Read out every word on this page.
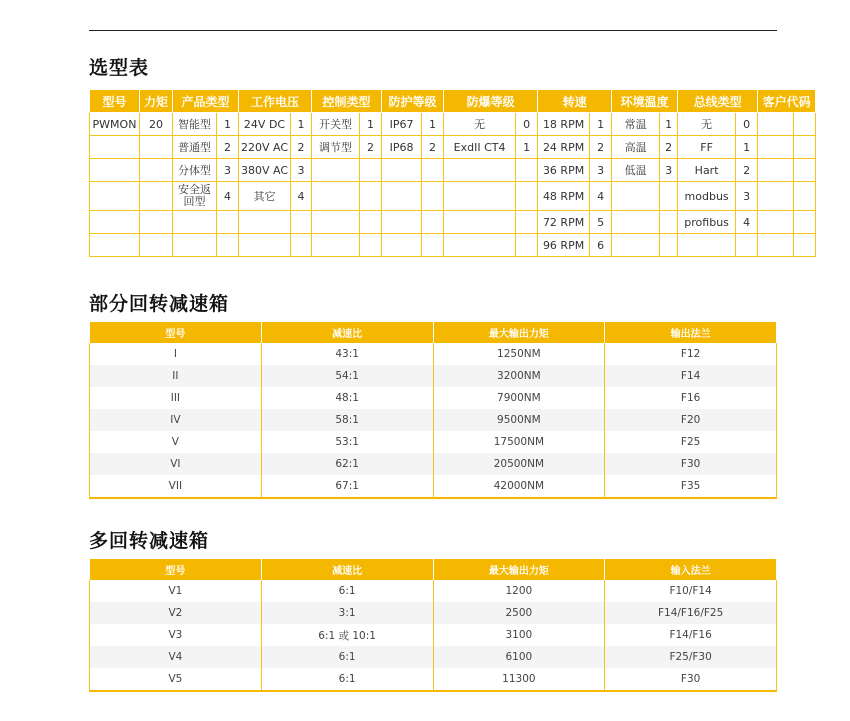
选型表
型号	力矩	产品类型		工作电压		控制类型		防护等级		防爆等级		转速		环境温度		总线类型		客户代码	
PWMON	20	智能型	1	24V DC	1	开关型	1	IP67	1	无	0	18 RPM	1	常温	1	无	0		
		普通型	2	220V AC	2	调节型	2	IP68	2	ExdII CT4	1	24 RPM	2	高温	2	FF	1		
		分体型	3	380V AC	3							36 RPM	3	低温	3	Hart	2		
		安全返回型	4	其它	4							48 RPM	4			modbus	3		
												72 RPM	5			profibus	4		
												96 RPM	6						
部分回转减速箱
型号	减速比	最大输出力矩	输出法兰
I	43:1	1250NM	F12
II	54:1	3200NM	F14
III	48:1	7900NM	F16
IV	58:1	9500NM	F20
V	53:1	17500NM	F25
VI	62:1	20500NM	F30
VII	67:1	42000NM	F35
多回转减速箱
型号	减速比	最大输出力矩	输入法兰
V1	6:1	1200	F10/F14
V2	3:1	2500	F14/F16/F25
V3	6:1 或 10:1	3100	F14/F16
V4	6:1	6100	F25/F30
V5	6:1	11300	F30
